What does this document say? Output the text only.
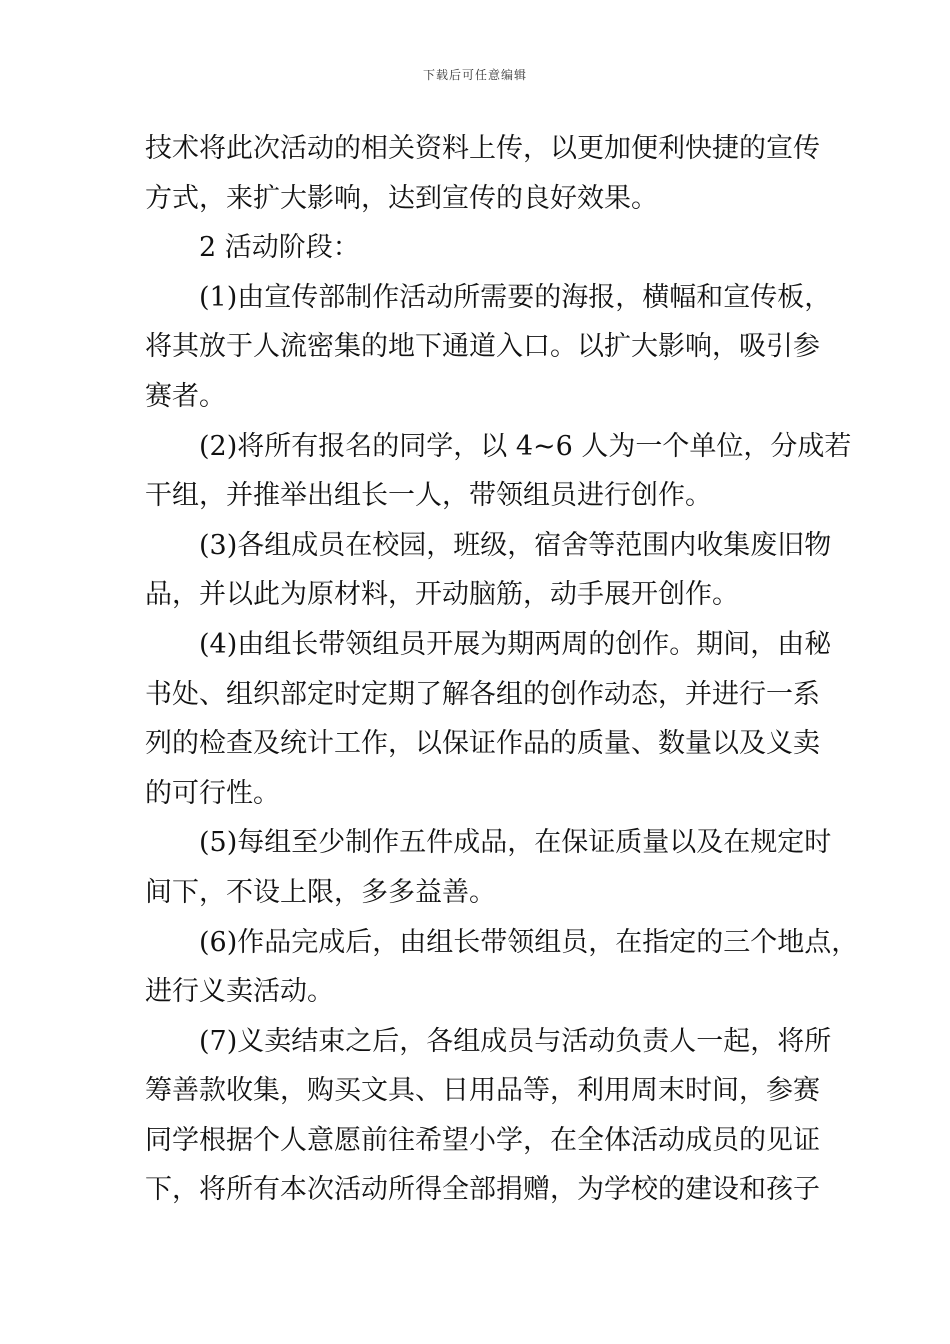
下载后可任意编辑
技术将此次活动的相关资料上传，以更加便利快捷的宣传
方式，来扩大影响，达到宣传的良好效果。
2 活动阶段：
(1)由宣传部制作活动所需要的海报，横幅和宣传板，
将其放于人流密集的地下通道入口。以扩大影响，吸引参
赛者。
(2)将所有报名的同学，以 4~6 人为一个单位，分成若
干组，并推举出组长一人，带领组员进行创作。
(3)各组成员在校园，班级，宿舍等范围内收集废旧物
品，并以此为原材料，开动脑筋，动手展开创作。
(4)由组长带领组员开展为期两周的创作。期间，由秘
书处、组织部定时定期了解各组的创作动态，并进行一系
列的检查及统计工作，以保证作品的质量、数量以及义卖
的可行性。
(5)每组至少制作五件成品，在保证质量以及在规定时
间下，不设上限，多多益善。
(6)作品完成后，由组长带领组员，在指定的三个地点，
进行义卖活动。
(7)义卖结束之后，各组成员与活动负责人一起，将所
筹善款收集，购买文具、日用品等，利用周末时间，参赛
同学根据个人意愿前往希望小学，在全体活动成员的见证
下，将所有本次活动所得全部捐赠，为学校的建设和孩子
